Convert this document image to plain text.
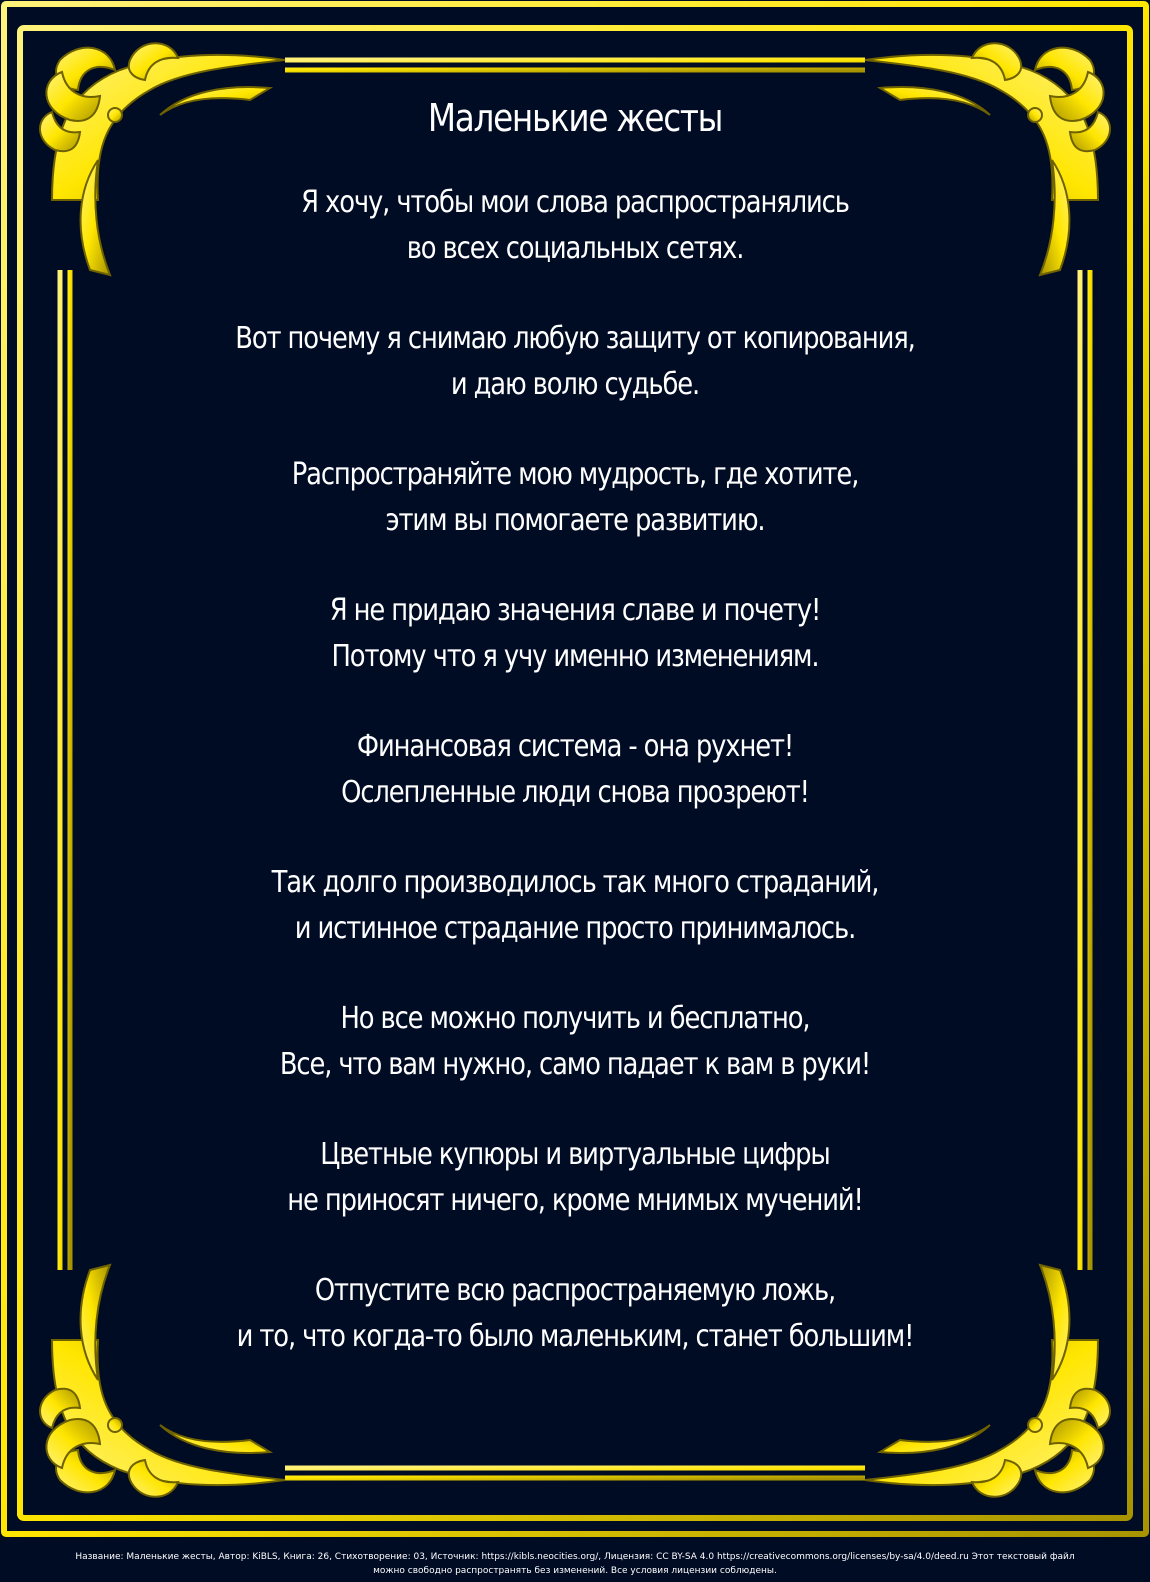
Маленькие жесты
Я хочу, чтобы мои слова распространялись
во всех социальных сетях.
Вот почему я снимаю любую защиту от копирования,
и даю волю судьбе.
Распространяйте мою мудрость, где хотите,
этим вы помогаете развитию.
Я не придаю значения славе и почету!
Потому что я учу именно изменениям.
Финансовая система - она рухнет!
Ослепленные люди снова прозреют!
Так долго производилось так много страданий,
и истинное страдание просто принималось.
Но все можно получить и бесплатно,
Все, что вам нужно, само падает к вам в руки!
Цветные купюры и виртуальные цифры
не приносят ничего, кроме мнимых мучений!
Отпустите всю распространяемую ложь,
и то, что когда-то было маленьким, станет большим!
Название: Маленькие жесты, Автор: KiBLS, Книга: 26, Стихотворение: 03, Источник: https://kibls.neocities.org/, Лицензия: CC BY-SA 4.0 https://creativecommons.org/licenses/by-sa/4.0/deed.ru Этот текстовый файл
можно свободно распространять без изменений. Все условия лицензии соблюдены.
